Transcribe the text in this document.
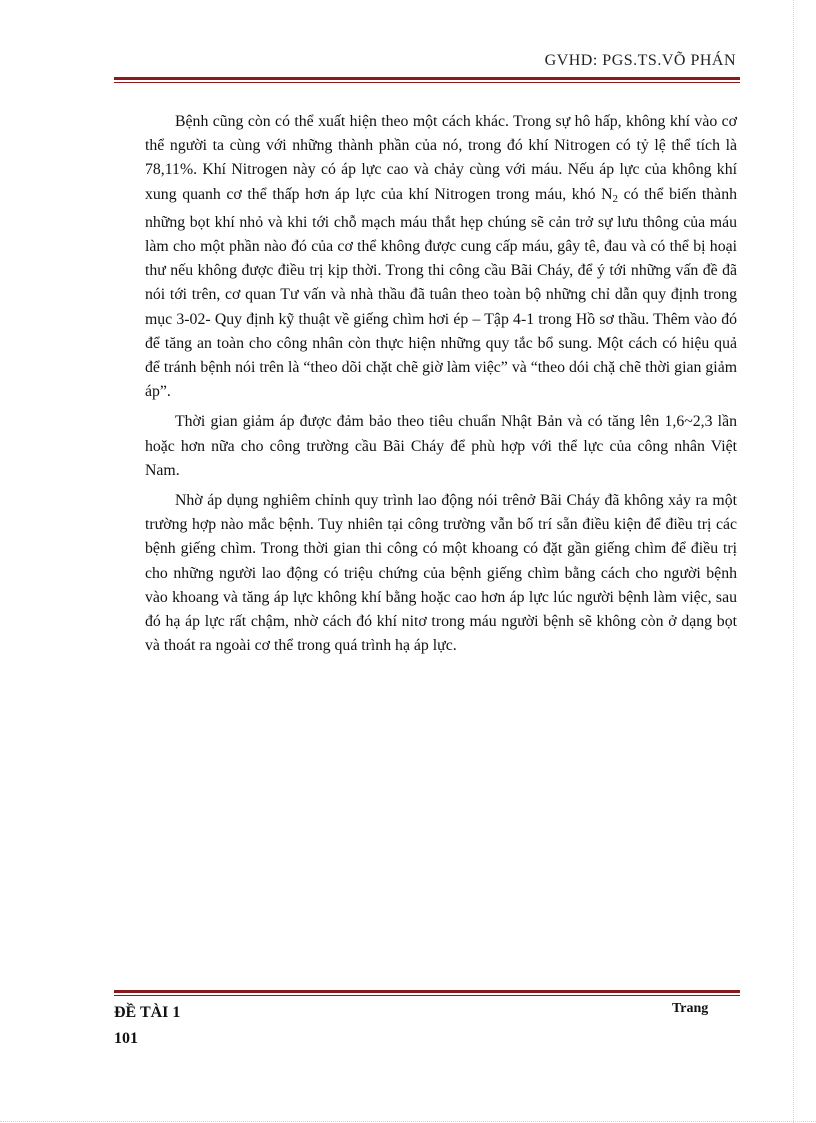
GVHD: PGS.TS.VÕ PHÁN

Bệnh cũng còn có thể xuất hiện theo một cách khác. Trong sự hô hấp, không khí vào cơ thể người ta cùng với những thành phần của nó, trong đó khí Nitrogen có tỷ lệ thể tích là 78,11%. Khí Nitrogen này có áp lực cao và chảy cùng với máu. Nếu áp lực của không khí xung quanh cơ thể thấp hơn áp lực của khí Nitrogen trong máu, khó $N_2$ có thể biến thành những bọt khí nhỏ và khi tới chỗ mạch máu thắt hẹp chúng sẽ cản trở sự lưu thông của máu làm cho một phần nào đó của cơ thể không được cung cấp máu, gây tê, đau và có thể bị hoại thư nếu không được điều trị kịp thời. Trong thi công cầu Bãi Cháy, để ý tới những vấn đề đã nói tới trên, cơ quan Tư vấn và nhà thầu đã tuân theo toàn bộ những chỉ dẫn quy định trong mục 3-02- Quy định kỹ thuật về giếng chìm hơi ép – Tập 4-1 trong Hồ sơ thầu. Thêm vào đó để tăng an toàn cho công nhân còn thực hiện những quy tắc bổ sung. Một cách có hiệu quả để tránh bệnh nói trên là “theo dõi chặt chẽ giờ làm việc” và “theo dói chặ chẽ thời gian giảm áp”.

Thời gian giảm áp được đảm bảo theo tiêu chuẩn Nhật Bản và có tăng lên 1,6~2,3 lần hoặc hơn nữa cho công trường cầu Bãi Cháy để phù hợp với thể lực của công nhân Việt Nam.

Nhờ áp dụng nghiêm chỉnh quy trình lao động nói trênở Bãi Cháy đã không xảy ra một trường hợp nào mắc bệnh. Tuy nhiên tại công trường vẫn bố trí sẵn điều kiện để điều trị các bệnh giếng chìm. Trong thời gian thi công có một khoang có đặt gần giếng chìm để điều trị cho những người lao động có triệu chứng của bệnh giếng chìm bằng cách cho người bệnh vào khoang và tăng áp lực không khí bằng hoặc cao hơn áp lực lúc người bệnh làm việc, sau đó hạ áp lực rất chậm, nhờ cách đó khí nitơ trong máu người bệnh sẽ không còn ở dạng bọt và thoát ra ngoài cơ thể trong quá trình hạ áp lực.

ĐỀ TÀI 1
101
Trang
